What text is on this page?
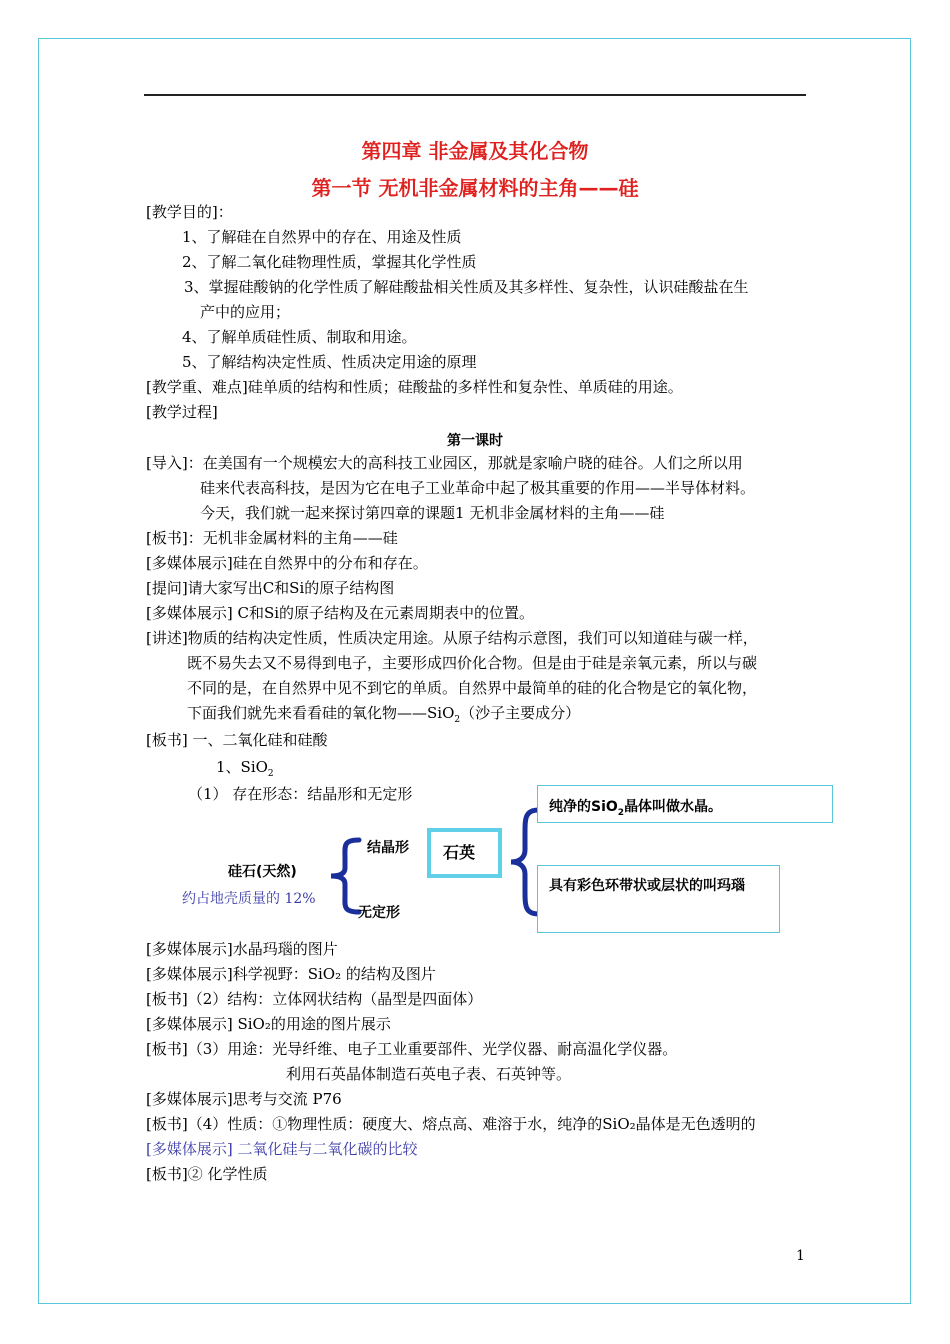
第四章 非金属及其化合物
第一节 无机非金属材料的主角——硅
[教学目的]：
1、了解硅在自然界中的存在、用途及性质
2、了解二氧化硅物理性质，掌握其化学性质
3、掌握硅酸钠的化学性质了解硅酸盐相关性质及其多样性、复杂性，认识硅酸盐在生
产中的应用；
4、了解单质硅性质、制取和用途。
5、了解结构决定性质、性质决定用途的原理
[教学重、难点]硅单质的结构和性质；硅酸盐的多样性和复杂性、单质硅的用途。
[教学过程]
第一课时
[导入]：在美国有一个规模宏大的高科技工业园区，那就是家喻户晓的硅谷。人们之所以用
硅来代表高科技，是因为它在电子工业革命中起了极其重要的作用——半导体材料。
今天，我们就一起来探讨第四章的课题1 无机非金属材料的主角——硅
[板书]：无机非金属材料的主角——硅
[多媒体展示]硅在自然界中的分布和存在。
[提问]请大家写出C和Si的原子结构图
[多媒体展示] C和Si的原子结构及在元素周期表中的位置。
[讲述]物质的结构决定性质，性质决定用途。从原子结构示意图，我们可以知道硅与碳一样，
既不易失去又不易得到电子，主要形成四价化合物。但是由于硅是亲氧元素，所以与碳
不同的是，在自然界中见不到它的单质。自然界中最简单的硅的化合物是它的氧化物，
下面我们就先来看看硅的氧化物——SiO$_2$（沙子主要成分）
[板书] 一、二氧化硅和硅酸
1、SiO$_2$
（1） 存在形态：结晶形和无定形
硅石(天然)
约占地壳质量的 12%
结晶形
无定形
石英
纯净的SiO$_2$晶体叫做水晶。
具有彩色环带状或层状的叫玛瑙
[多媒体展示]水晶玛瑙的图片
[多媒体展示]科学视野：SiO₂ 的结构及图片
[板书]（2）结构：立体网状结构（晶型是四面体）
[多媒体展示] SiO₂的用途的图片展示
[板书]（3）用途：光导纤维、电子工业重要部件、光学仪器、耐高温化学仪器。
利用石英晶体制造石英电子表、石英钟等。
[多媒体展示]思考与交流 P76
[板书]（4）性质：①物理性质：硬度大、熔点高、难溶于水，纯净的SiO₂晶体是无色透明的
[多媒体展示] 二氧化硅与二氧化碳的比较
[板书]② 化学性质
1
